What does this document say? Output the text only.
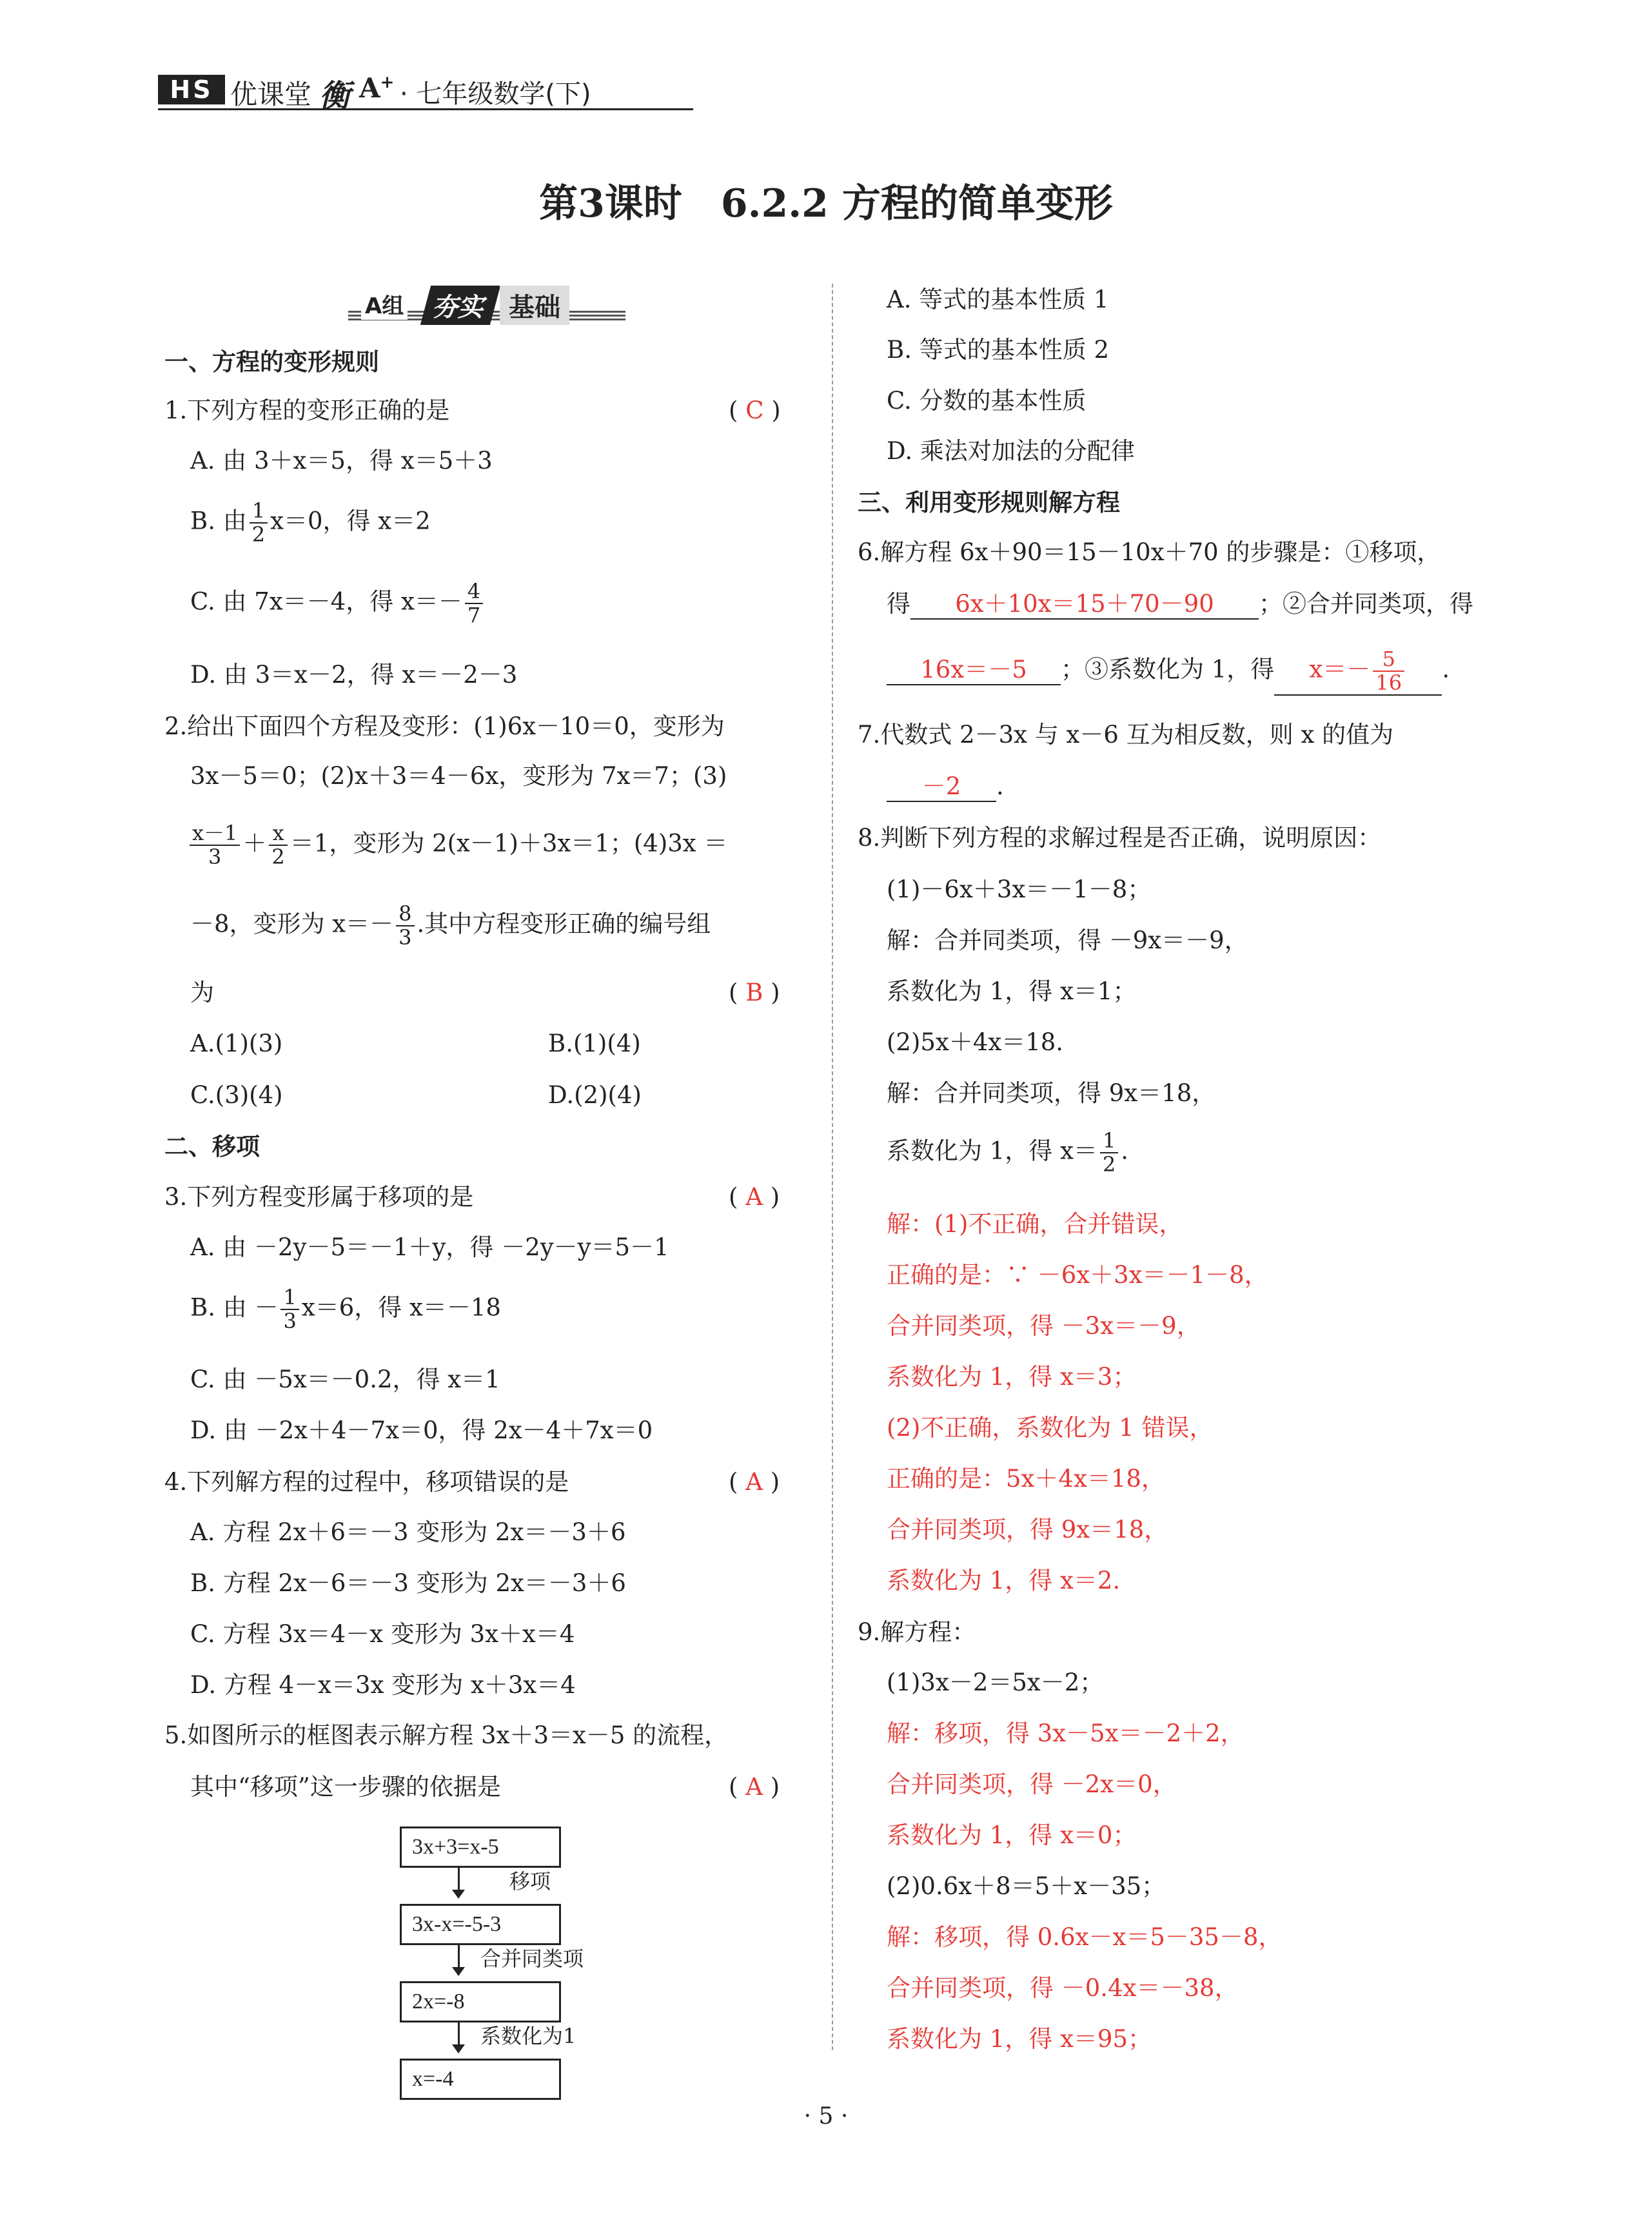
HS 优课堂 衡 A+ · 七年级数学(下)
第3课时　6.2.2 方程的简单变形
A组	夯实 基础
一、方程的变形规则
1.下列方程的变形正确的是	( C )
A. 由 3＋x＝5，得 x＝5＋3
B. 由 $\frac{1}{2} x=0$，得 x＝2
C. 由 7x＝－4，得 $x=- \frac{4}{7}$
D. 由 3＝x－2，得 x＝－2－3
2.给出下面四个方程及变形：(1)6x－10＝0，变形为
3x－5＝0；(2)x＋3＝4－6x，变形为 7x＝7；(3)
$\frac{x-1}{3} + \frac{x}{2} =1$，变形为 2(x－1)＋3x＝1；(4)3x ＝
－8，变形为 $x=- \frac{8}{3}$ .其中方程变形正确的编号组
为	( B )
A.(1)(3)	B.(1)(4)
C.(3)(4)	D.(2)(4)
二、移项
3.下列方程变形属于移项的是	( A )
A. 由 －2y－5＝－1＋y，得 －2y－y＝5－1
B. 由 － $\frac{1}{3} x=6$，得 x＝－18
C. 由 －5x＝－0.2，得 x＝1
D. 由 －2x＋4－7x＝0，得 2x－4＋7x＝0
4.下列解方程的过程中，移项错误的是	( A )
A. 方程 2x＋6＝－3 变形为 2x＝－3＋6
B. 方程 2x－6＝－3 变形为 2x＝－3＋6
C. 方程 3x＝4－x 变形为 3x＋x＝4
D. 方程 4－x＝3x 变形为 x＋3x＝4
5.如图所示的框图表示解方程 3x＋3＝x－5 的流程，
其中“移项”这一步骤的依据是	( A )
3x+3=x-5
移项
3x-x=-5-3
合并同类项
2x=-8
系数化为1
x=-4
A. 等式的基本性质 1
B. 等式的基本性质 2
C. 分数的基本性质
D. 乘法对加法的分配律
三、利用变形规则解方程
6.解方程 6x＋90＝15－10x＋70 的步骤是：①移项，
得 6x＋10x＝15＋70－90 ；②合并同类项，得
16x＝－5 ；③系数化为 1，得 $x=- \frac{5}{16}$ .
7.代数式 2－3x 与 x－6 互为相反数，则 x 的值为
－2 .
8.判断下列方程的求解过程是否正确，说明原因：
(1)－6x＋3x＝－1－8；
解：合并同类项，得 －9x＝－9，
系数化为 1，得 x＝1；
(2)5x＋4x＝18.
解：合并同类项，得 9x＝18，
系数化为 1，得 $x= \frac{1}{2}$ .
解：(1)不正确，合并错误，
正确的是：∵ －6x＋3x＝－1－8，
合并同类项，得 －3x＝－9，
系数化为 1，得 x＝3；
(2)不正确，系数化为 1 错误，
正确的是：5x＋4x＝18，
合并同类项，得 9x＝18，
系数化为 1，得 x＝2.
9.解方程：
(1)3x－2＝5x－2；
解：移项，得 3x－5x＝－2＋2，
合并同类项，得 －2x＝0，
系数化为 1，得 x＝0；
(2)0.6x＋8＝5＋x－35；
解：移项，得 0.6x－x＝5－35－8，
合并同类项，得 －0.4x＝－38，
系数化为 1，得 x＝95；
· 5 ·
